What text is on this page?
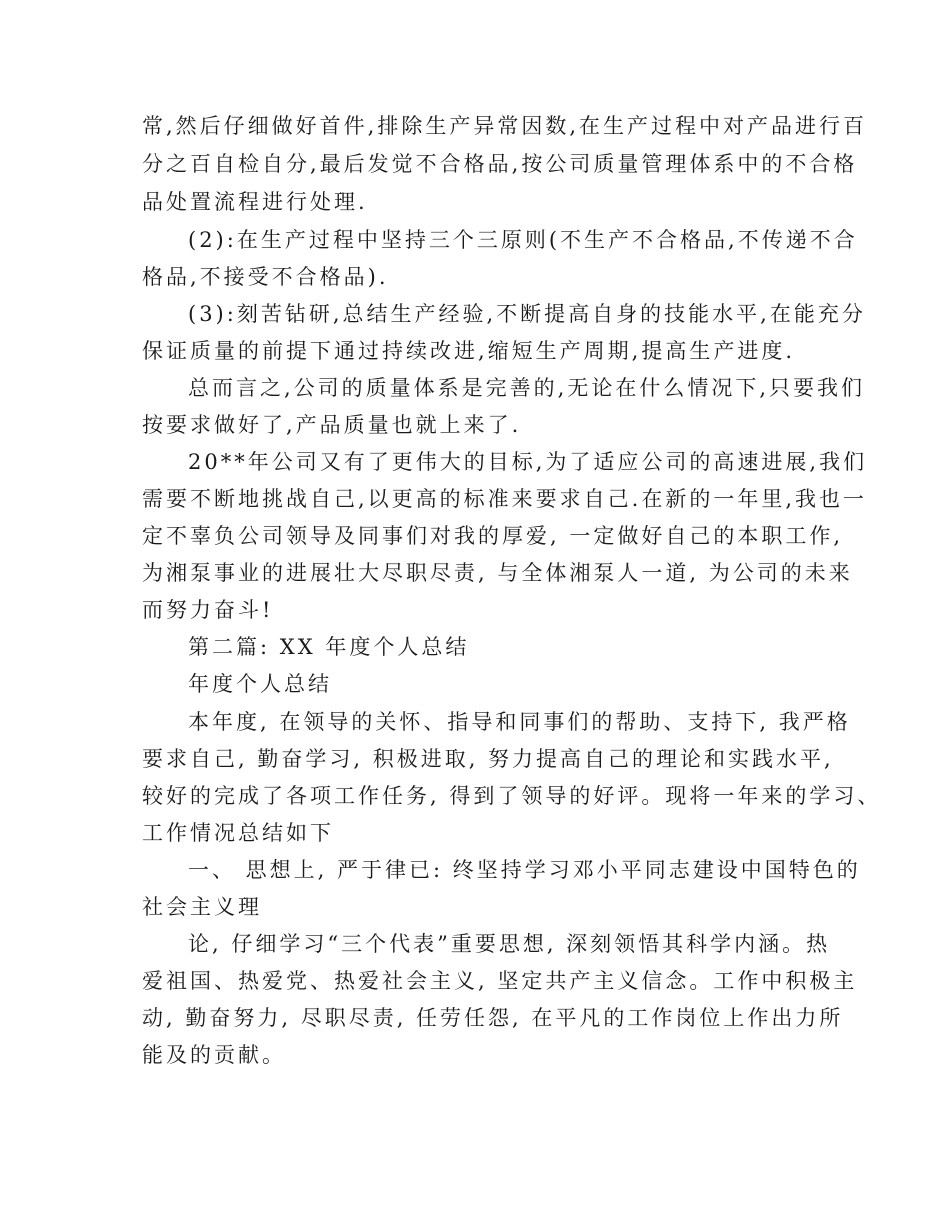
常,然后仔细做好首件,排除生产异常因数,在生产过程中对产品进行百

分之百自检自分,最后发觉不合格品,按公司质量管理体系中的不合格

品处置流程进行处理.

(2):在生产过程中坚持三个三原则(不生产不合格品,不传递不合

格品,不接受不合格品).

(3):刻苦钻研,总结生产经验,不断提高自身的技能水平,在能充分

保证质量的前提下通过持续改进,缩短生产周期,提高生产进度.

总而言之,公司的质量体系是完善的,无论在什么情况下,只要我们

按要求做好了,产品质量也就上来了.

20**年公司又有了更伟大的目标,为了适应公司的高速进展,我们

需要不断地挑战自己,以更高的标准来要求自己.在新的一年里,我也一

定不辜负公司领导及同事们对我的厚爱, 一定做好自己的本职工作,

为湘泵事业的进展壮大尽职尽责, 与全体湘泵人一道, 为公司的未来

而努力奋斗!

第二篇: XX 年度个人总结

年度个人总结

本年度, 在领导的关怀、指导和同事们的帮助、支持下, 我严格

要求自己, 勤奋学习, 积极进取, 努力提高自己的理论和实践水平,

较好的完成了各项工作任务, 得到了领导的好评。现将一年来的学习、

工作情况总结如下

一、 思想上, 严于律已: 终坚持学习邓小平同志建设中国特色的

社会主义理

论, 仔细学习“三个代表”重要思想, 深刻领悟其科学内涵。热

爱祖国、热爱党、热爱社会主义, 坚定共产主义信念。工作中积极主

动, 勤奋努力, 尽职尽责, 任劳任怨, 在平凡的工作岗位上作出力所

能及的贡献。
